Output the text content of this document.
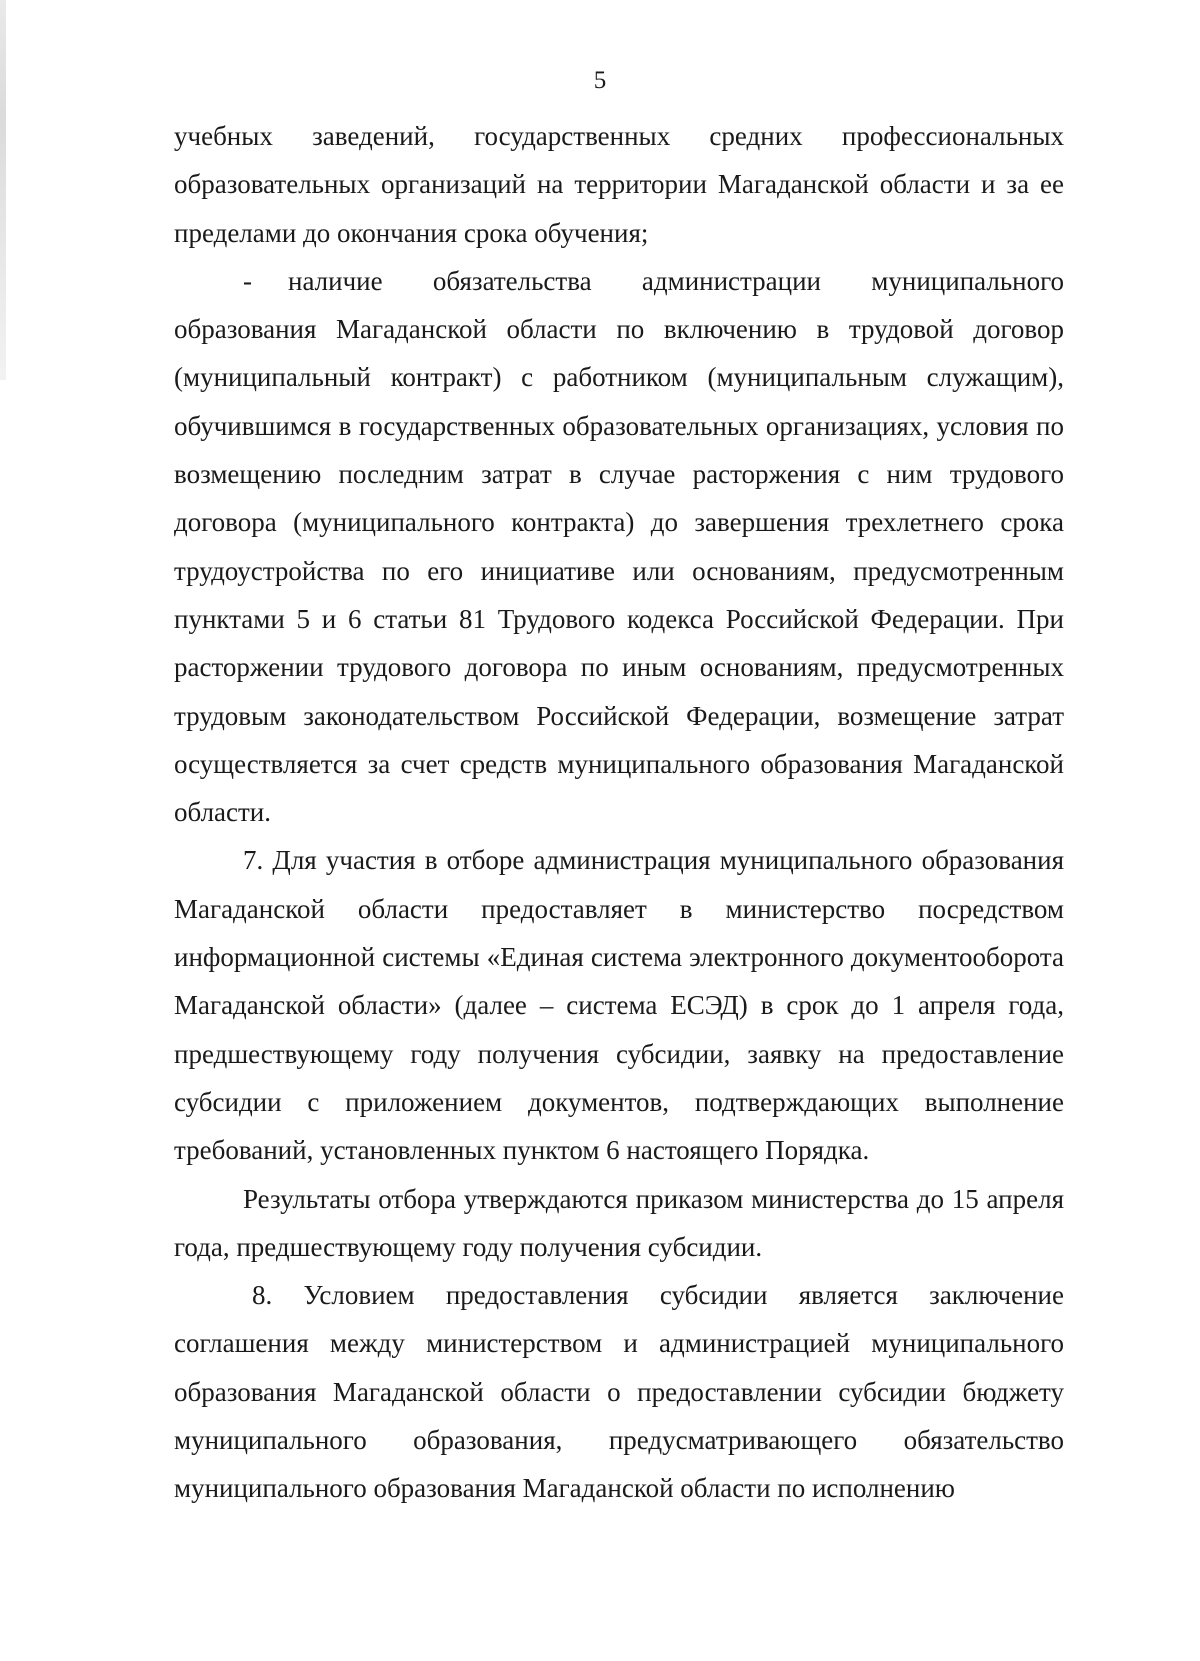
5

учебных заведений, государственных средних профессиональных образовательных организаций на территории Магаданской области и за ее пределами до окончания срока обучения;

- наличие обязательства администрации муниципального образования Магаданской области по включению в трудовой договор (муниципальный контракт) с работником (муниципальным служащим), обучившимся в государственных образовательных организациях, условия по возмещению последним затрат в случае расторжения с ним трудового договора (муниципального контракта) до завершения трехлетнего срока трудоустройства по его инициативе или основаниям, предусмотренным пунктами 5 и 6 статьи 81 Трудового кодекса Российской Федерации. При расторжении трудового договора по иным основаниям, предусмотренных трудовым законодательством Российской Федерации, возмещение затрат осуществляется за счет средств муниципального образования Магаданской области.

7. Для участия в отборе администрация муниципального образования Магаданской области предоставляет в министерство посредством информационной системы «Единая система электронного документооборота Магаданской области» (далее – система ЕСЭД) в срок до 1 апреля года, предшествующему году получения субсидии, заявку на предоставление субсидии с приложением документов, подтверждающих выполнение требований, установленных пунктом 6 настоящего Порядка.

Результаты отбора утверждаются приказом министерства до 15 апреля года, предшествующему году получения субсидии.

8. Условием предоставления субсидии является заключение соглашения между министерством и администрацией муниципального образования Магаданской области о предоставлении субсидии бюджету муниципального образования, предусматривающего обязательство муниципального образования Магаданской области по исполнению
